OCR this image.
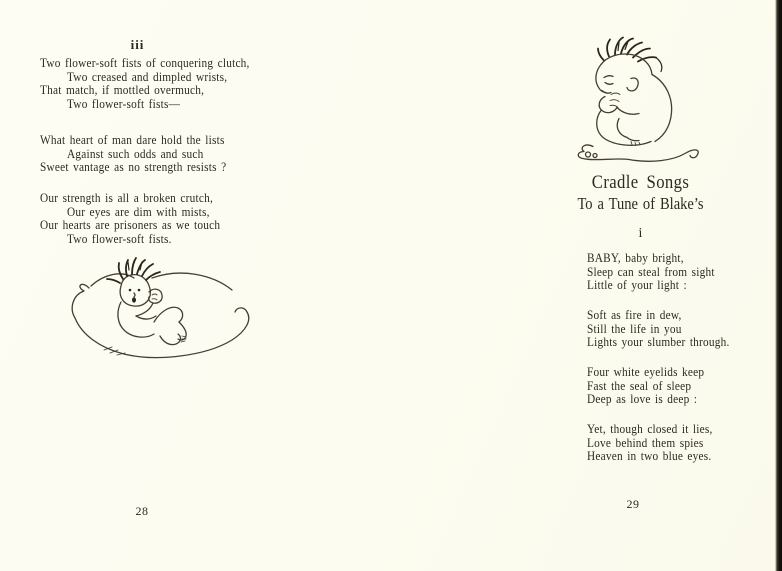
iii
Two flower-soft fists of conquering clutch,
Two creased and dimpled wrists,
That match, if mottled overmuch,
Two flower-soft fists—
What heart of man dare hold the lists
Against such odds and such
Sweet vantage as no strength resists ?
Our strength is all a broken crutch,
Our eyes are dim with mists,
Our hearts are prisoners as we touch
Two flower-soft fists.
28
Cradle Songs
To a Tune of Blake’s
i
BABY, baby bright,
Sleep can steal from sight
Little of your light :
Soft as fire in dew,
Still the life in you
Lights your slumber through.
Four white eyelids keep
Fast the seal of sleep
Deep as love is deep :
Yet, though closed it lies,
Love behind them spies
Heaven in two blue eyes.
29
